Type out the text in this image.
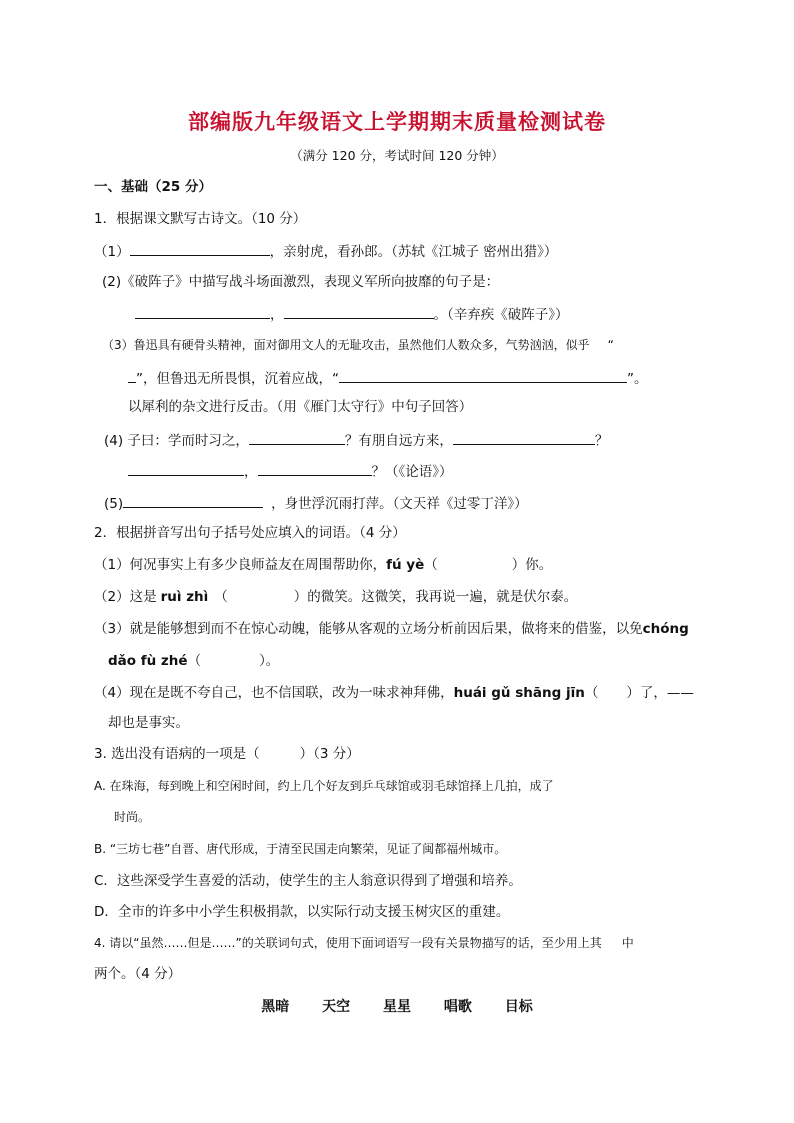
部编版九年级语文上学期期末质量检测试卷
（满分 120 分，考试时间 120 分钟）
一、基础（25 分）
1．根据课文默写古诗文。（10 分）
（1）	，亲射虎，看孙郎。（苏轼《江城子 密州出猎》）
(2)《破阵子》中描写战斗场面激烈，表现义军所向披靡的句子是：
，	。（辛弃疾《破阵子》）
（3）鲁迅具有硬骨头精神，面对御用文人的无耻攻击，虽然他们人数众多，气势汹汹，似乎 “
”，但鲁迅无所畏惧，沉着应战，“	”。
以犀利的杂文进行反击。（用《雁门太守行》中句子回答）
(4) 子曰：学而时习之，	？有朋自远方来，	？
，	？（《论语》）
(5)	，身世浮沉雨打萍。（文天祥《过零丁洋》）
2．根据拼音写出句子括号处应填入的词语。（4 分）
（1）何况事实上有多少良师益友在周围帮助你，fú yè（	）你。
（2）这是 ruì zhì （	）的微笑。这微笑，我再说一遍，就是伏尔泰。
（3）就是能够想到而不在惊心动魄，能够从客观的立场分析前因后果，做将来的借鉴，以免chóng
dǎo fù zhé（	）。
（4）现在是既不夸自己，也不信国联，改为一味求神拜佛，huái gǔ shāng jīn（ ）了，——
却也是事实。
3. 选出没有语病的一项是（	）（3 分）
A. 在珠海，每到晚上和空闲时间，约上几个好友到乒乓球馆或羽毛球馆择上几拍，成了
时尚。
B. “三坊七巷”自晋、唐代形成，于清至民国走向繁荣，见证了闽都福州城市。
C．这些深受学生喜爱的活动，使学生的主人翁意识得到了增强和培养。
D．全市的许多中小学生积极捐款，以实际行动支援玉树灾区的重建。
4. 请以“虽然……但是……”的关联词句式，使用下面词语写一段有关景物描写的话，至少用上其 中
两个。（4 分）
黑暗 天空 星星 唱歌 目标
